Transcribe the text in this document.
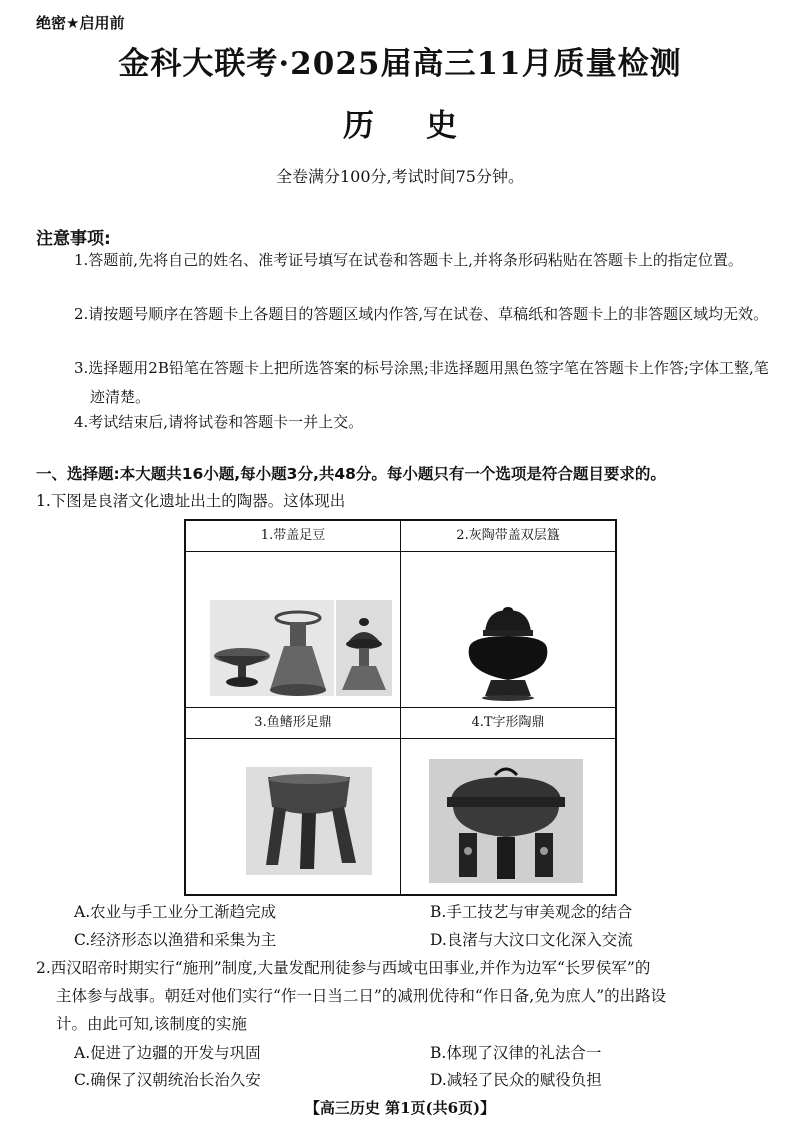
绝密★启用前
金科大联考·2025届高三11月质量检测
历史
全卷满分100分,考试时间75分钟。
注意事项:
1.答题前,先将自己的姓名、准考证号填写在试卷和答题卡上,并将条形码粘贴在答题卡上的指定位置。
2.请按题号顺序在答题卡上各题目的答题区域内作答,写在试卷、草稿纸和答题卡上的非答题区域均无效。
3.选择题用2B铅笔在答题卡上把所选答案的标号涂黑;非选择题用黑色签字笔在答题卡上作答;字体工整,笔迹清楚。
4.考试结束后,请将试卷和答题卡一并上交。
一、选择题:本大题共16小题,每小题3分,共48分。每小题只有一个选项是符合题目要求的。
1.下图是良渚文化遗址出土的陶器。这体现出
1.带盖足豆	2.灰陶带盖双层簋

3.鱼鳍形足鼎	4.T字形陶鼎
A.农业与手工业分工渐趋完成	B.手工技艺与审美观念的结合
C.经济形态以渔猎和采集为主	D.良渚与大汶口文化深入交流
2.西汉昭帝时期实行“施刑”制度,大量发配刑徒参与西域屯田事业,并作为边军“长罗侯军”的
主体参与战事。朝廷对他们实行“作一日当二日”的减刑优待和“作日备,免为庶人”的出路设
计。由此可知,该制度的实施
A.促进了边疆的开发与巩固	B.体现了汉律的礼法合一
C.确保了汉朝统治长治久安	D.减轻了民众的赋役负担
【高三历史 第1页(共6页)】
